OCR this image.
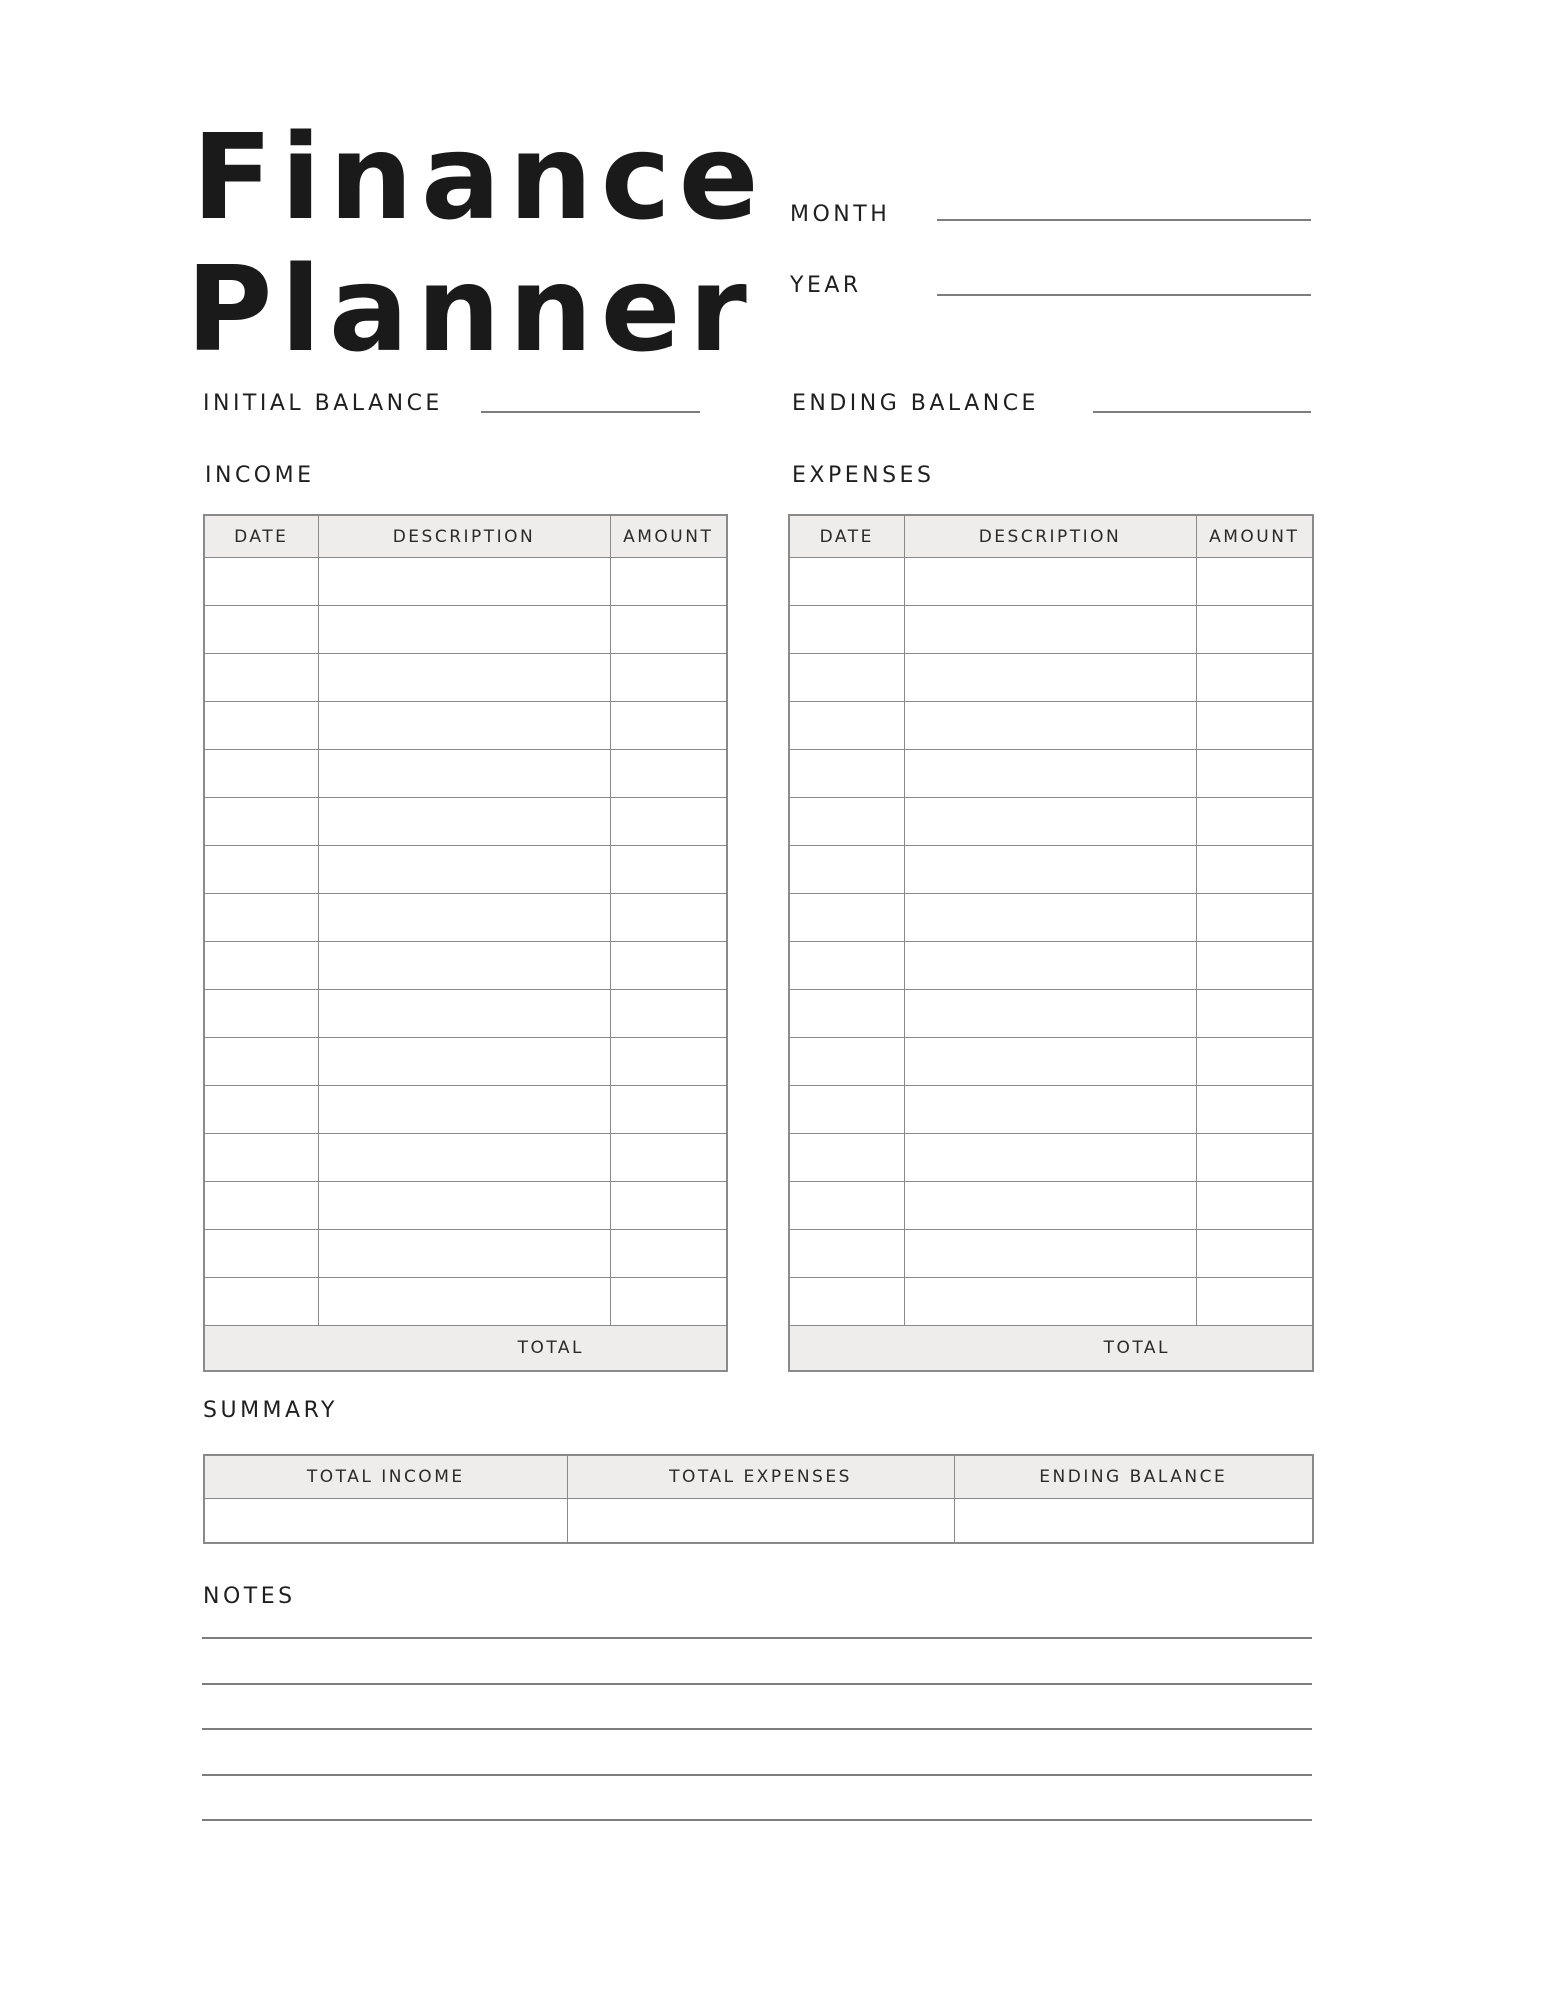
Finance
Planner
MONTH
YEAR
INITIAL BALANCE	ENDING BALANCE
INCOME	EXPENSES
DATE	DESCRIPTION	AMOUNT

TOTAL		
DATE	DESCRIPTION	AMOUNT

TOTAL		
SUMMARY
TOTAL INCOME	TOTAL EXPENSES	ENDING BALANCE

NOTES
